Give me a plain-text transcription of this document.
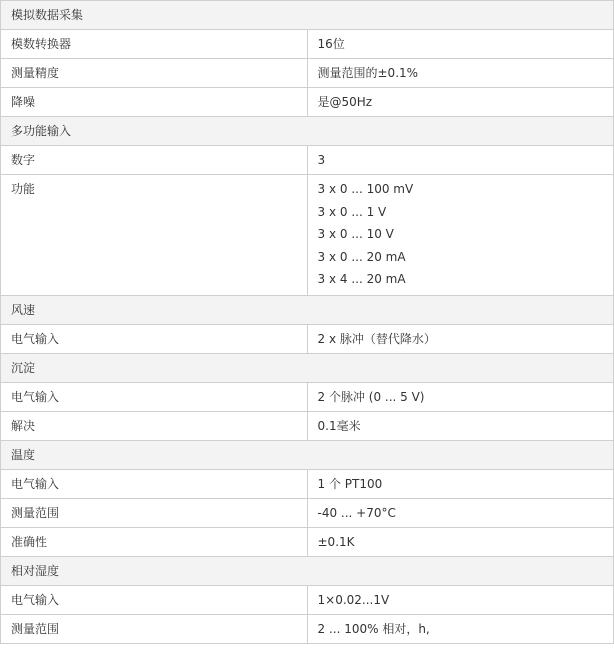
模拟数据采集	
模数转换器	16位
测量精度	测量范围的±0.1%
降噪	是@50Hz
多功能输入	
数字	3
功能	3 x 0 ... 100 mV
3 x 0 ... 1 V
3 x 0 ... 10 V
3 x 0 ... 20 mA
3 x 4 ... 20 mA

风速	
电气输入	2 x 脉冲（替代降水）
沉淀	
电气输入	2 个脉冲 (0 ... 5 V)
解决	0.1毫米
温度	
电气输入	1 个 PT100
测量范围	-40 ... +70°C
准确性	±0.1K
相对湿度	
电气输入	1×0.02...1V
测量范围	2 ... 100% 相对，h,
